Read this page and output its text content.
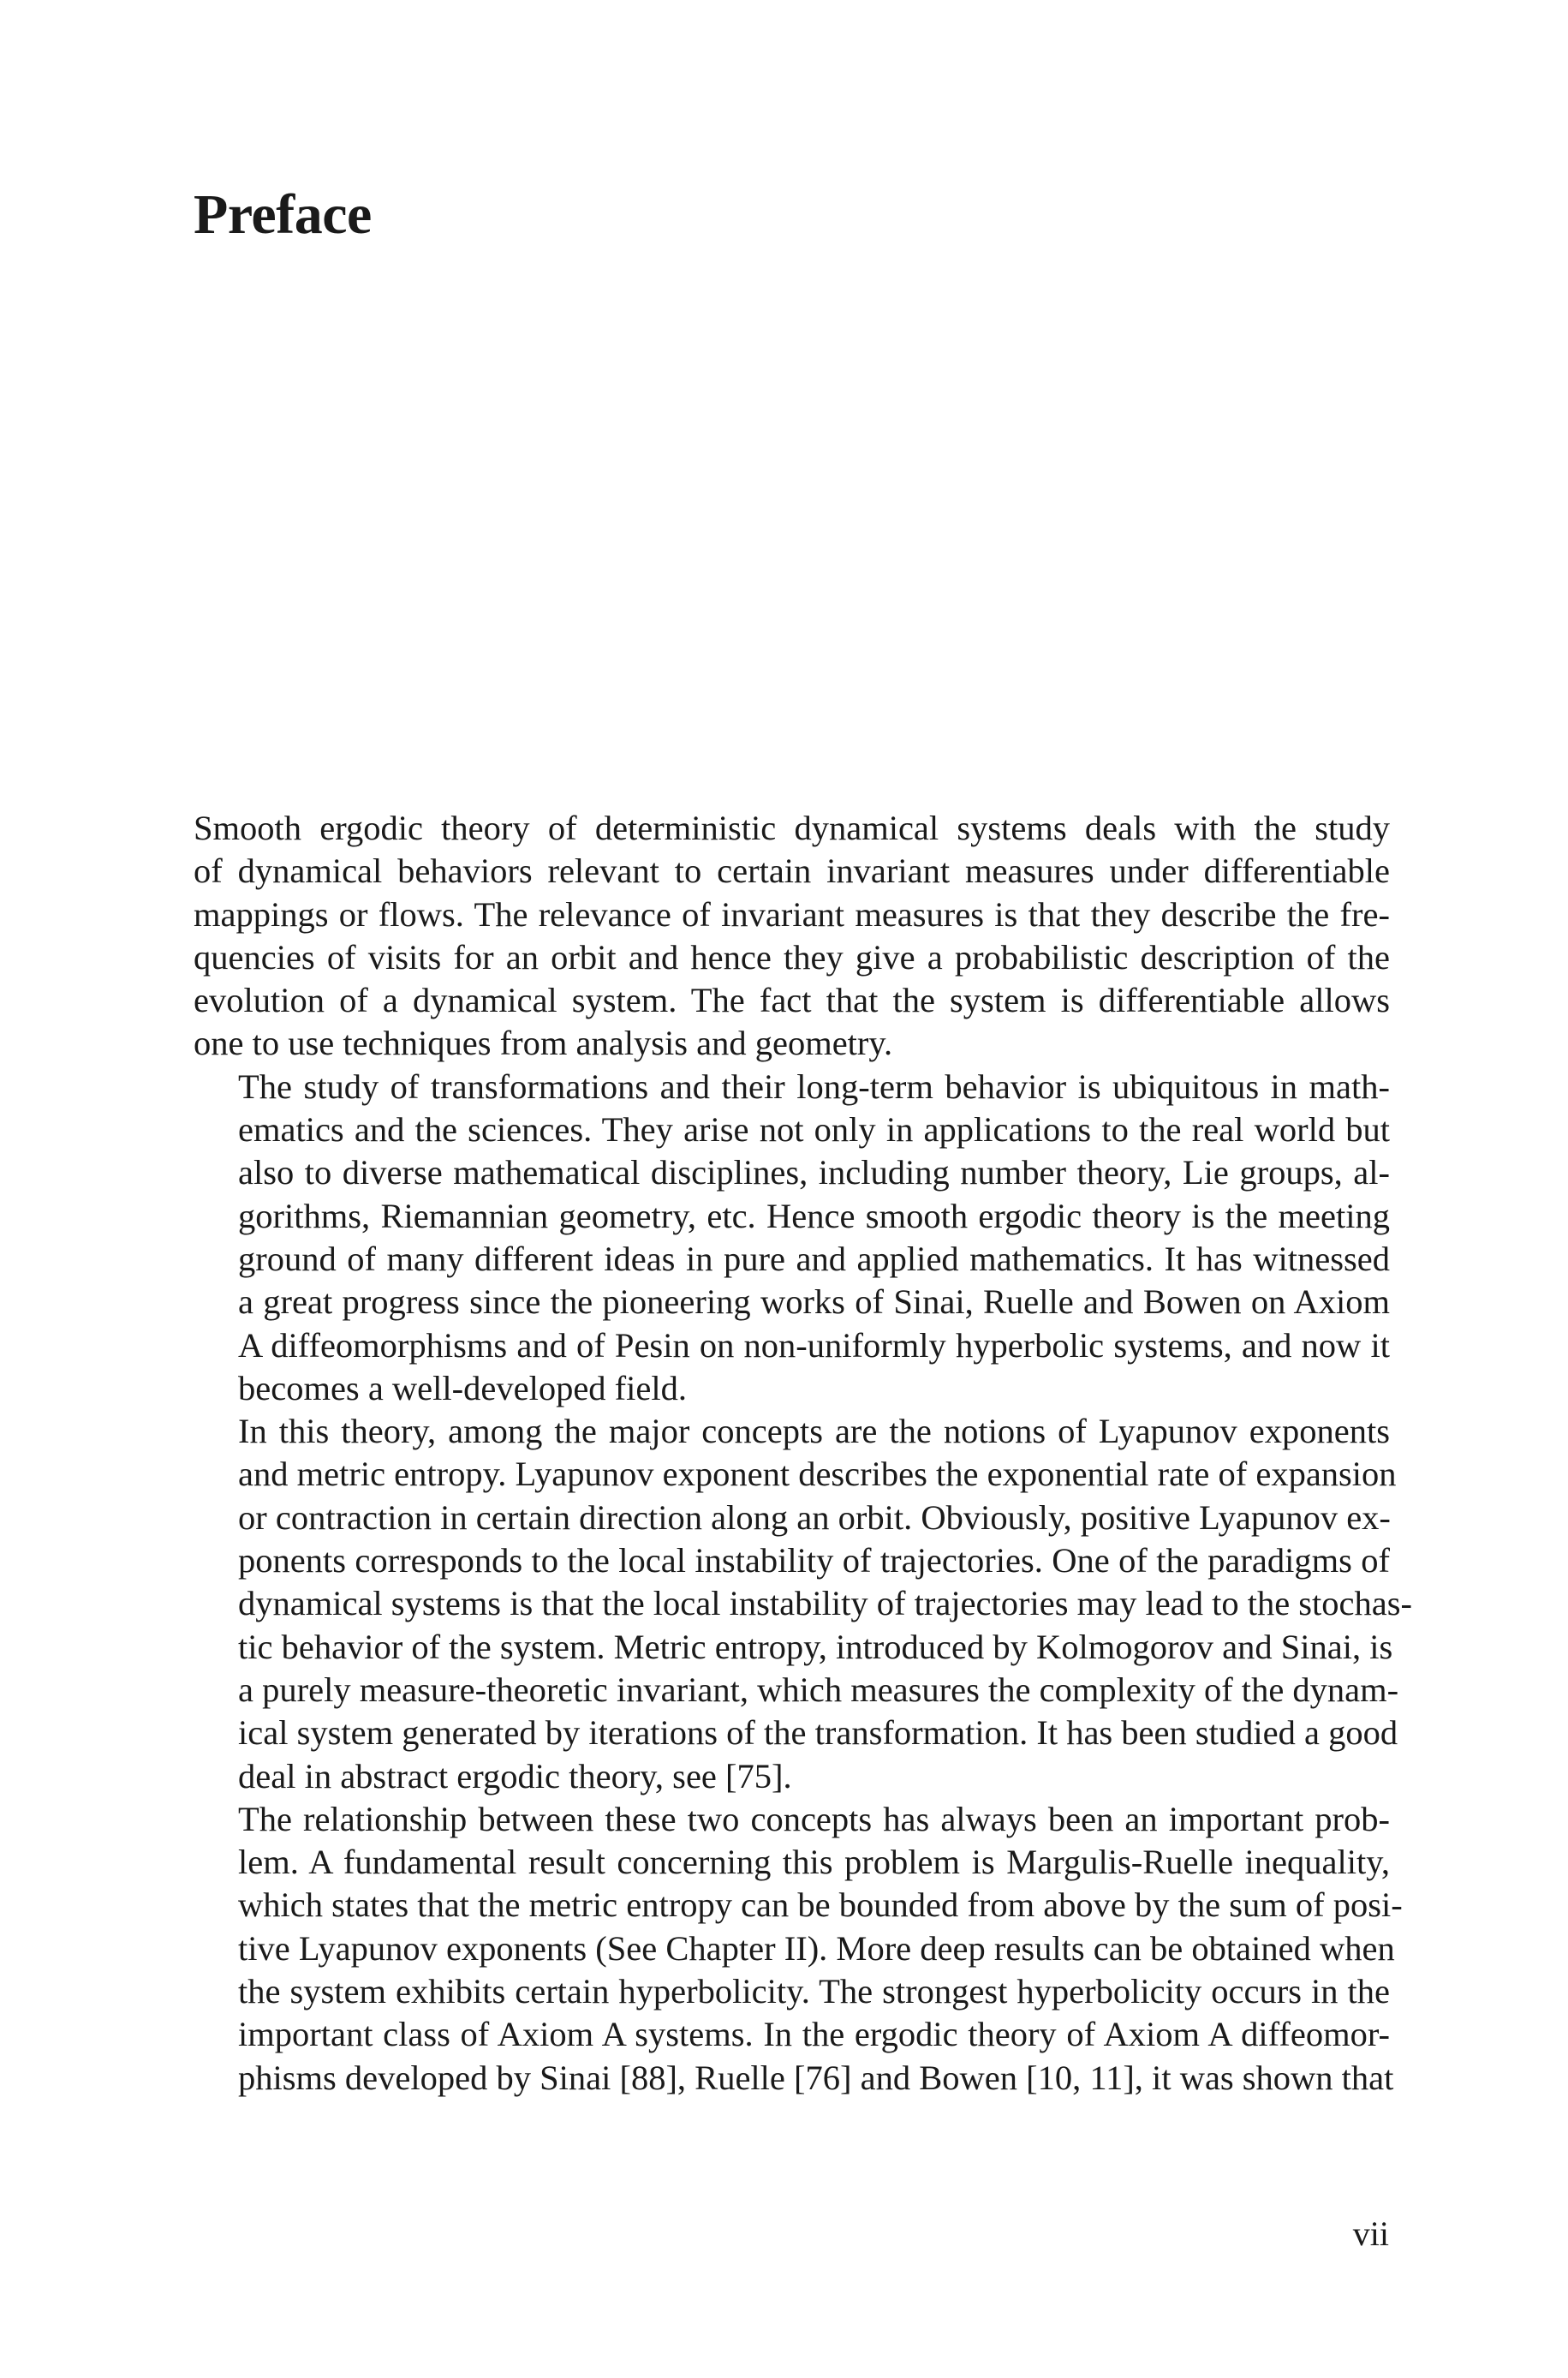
Preface

Smooth ergodic theory of deterministic dynamical systems deals with the study
of dynamical behaviors relevant to certain invariant measures under differentiable
mappings or flows. The relevance of invariant measures is that they describe the fre-
quencies of visits for an orbit and hence they give a probabilistic description of the
evolution of a dynamical system. The fact that the system is differentiable allows
one to use techniques from analysis and geometry.

The study of transformations and their long-term behavior is ubiquitous in math-
ematics and the sciences. They arise not only in applications to the real world but
also to diverse mathematical disciplines, including number theory, Lie groups, al-
gorithms, Riemannian geometry, etc. Hence smooth ergodic theory is the meeting
ground of many different ideas in pure and applied mathematics. It has witnessed
a great progress since the pioneering works of Sinai, Ruelle and Bowen on Axiom
A diffeomorphisms and of Pesin on non-uniformly hyperbolic systems, and now it
becomes a well-developed field.

In this theory, among the major concepts are the notions of Lyapunov exponents
and metric entropy. Lyapunov exponent describes the exponential rate of expansion
or contraction in certain direction along an orbit. Obviously, positive Lyapunov ex-
ponents corresponds to the local instability of trajectories. One of the paradigms of
dynamical systems is that the local instability of trajectories may lead to the stochas-
tic behavior of the system. Metric entropy, introduced by Kolmogorov and Sinai, is
a purely measure-theoretic invariant, which measures the complexity of the dynam-
ical system generated by iterations of the transformation. It has been studied a good
deal in abstract ergodic theory, see [75].

The relationship between these two concepts has always been an important prob-
lem. A fundamental result concerning this problem is Margulis-Ruelle inequality,
which states that the metric entropy can be bounded from above by the sum of posi-
tive Lyapunov exponents (See Chapter II). More deep results can be obtained when
the system exhibits certain hyperbolicity. The strongest hyperbolicity occurs in the
important class of Axiom A systems. In the ergodic theory of Axiom A diffeomor-
phisms developed by Sinai [88], Ruelle [76] and Bowen [10, 11], it was shown that

vii
